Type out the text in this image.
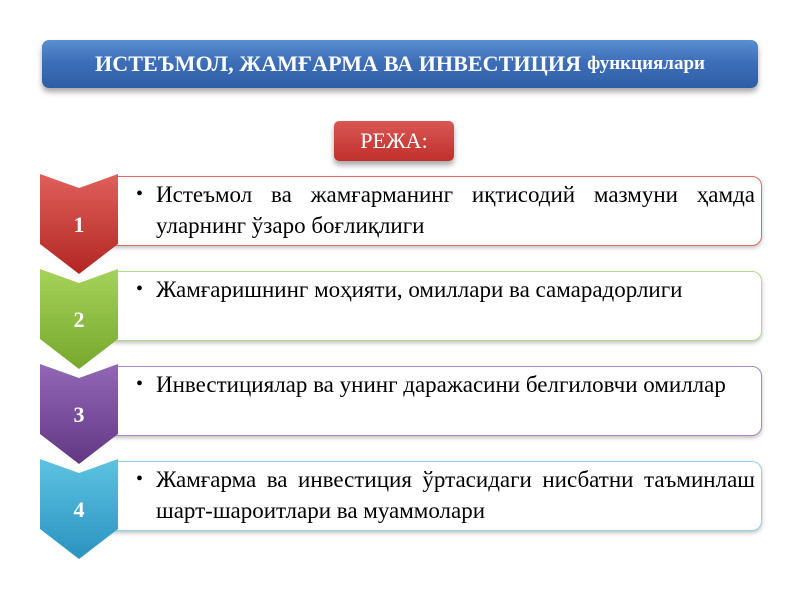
ИСТЕЪМОЛ, ЖАМҒАРМА ВА ИНВЕСТИЦИЯ функциялари
РЕЖА:
• Истеъмол ва жамғарманинг иқтисодий мазмуни ҳамда уларнинг ўзаро боғлиқлиги
1
• Жамғаришнинг моҳияти, омиллари ва самарадорлиги
2
• Инвестициялар ва унинг даражасини белгиловчи омиллар
3
• Жамғарма ва инвестиция ўртасидаги нисбатни таъминлаш шарт-шароитлари ва муаммолари
4
